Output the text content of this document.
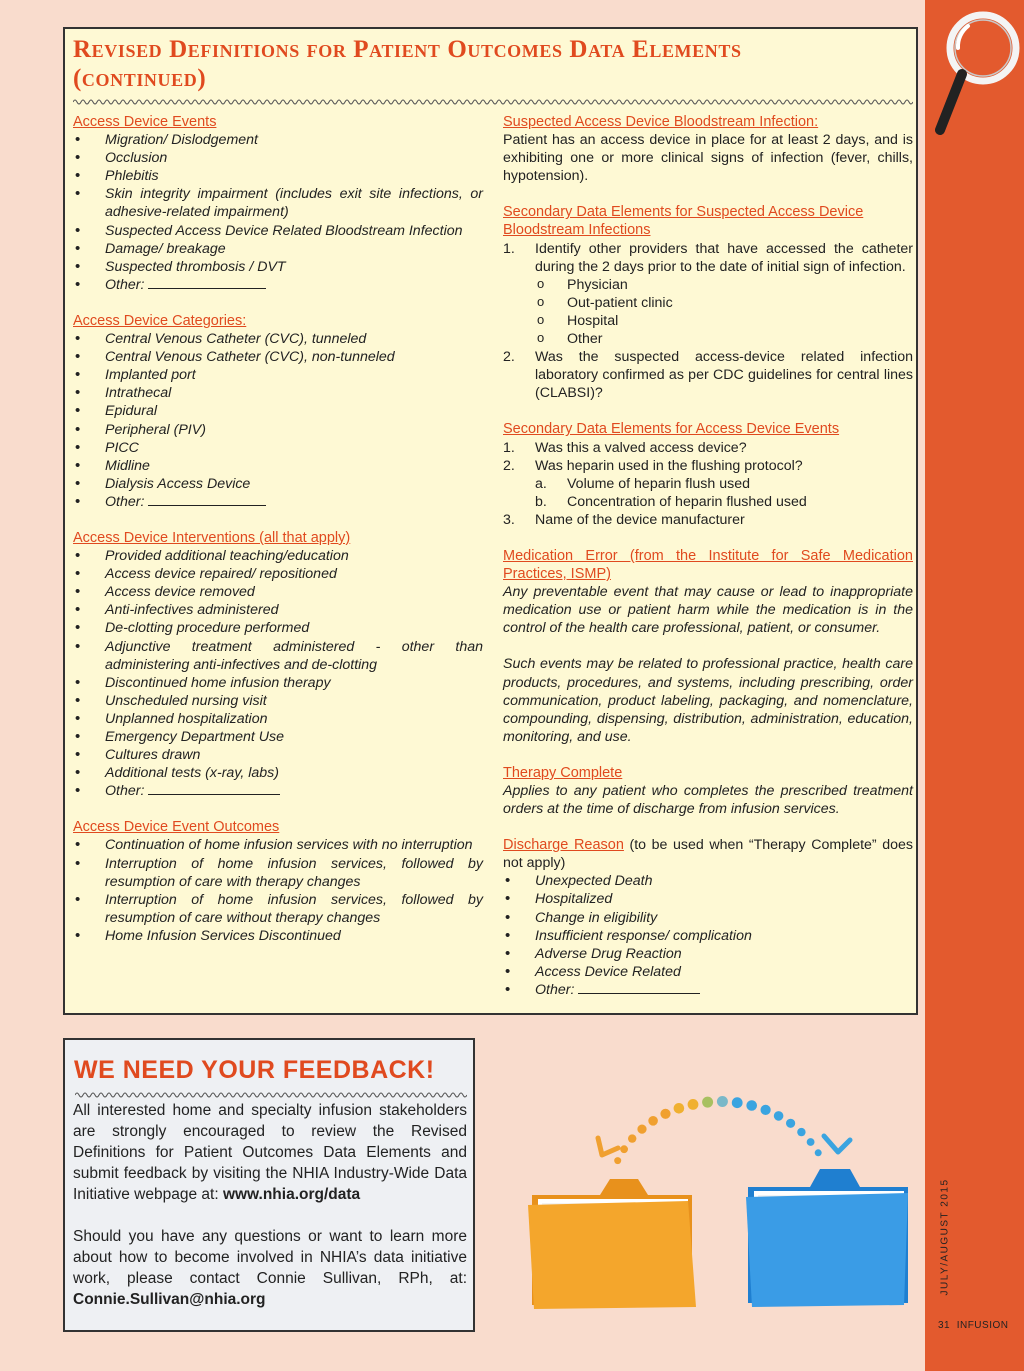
JULY/AUGUST 2015
31 INFUSION
Revised Definitions for Patient Outcomes Data Elements
(continued)
Access Device Events
• Migration/ Dislodgement
• Occlusion
• Phlebitis
• Skin integrity impairment (includes exit site infections, or adhesive-related impairment)
• Suspected Access Device Related Bloodstream Infection
• Damage/ breakage
• Suspected thrombosis / DVT
• Other:
Access Device Categories:
• Central Venous Catheter (CVC), tunneled
• Central Venous Catheter (CVC), non-tunneled
• Implanted port
• Intrathecal
• Epidural
• Peripheral (PIV)
• PICC
• Midline
• Dialysis Access Device
• Other:
Access Device Interventions (all that apply)
• Provided additional teaching/education
• Access device repaired/ repositioned
• Access device removed
• Anti-infectives administered
• De-clotting procedure performed
• Adjunctive treatment administered - other than administering anti-infectives and de-clotting
• Discontinued home infusion therapy
• Unscheduled nursing visit
• Unplanned hospitalization
• Emergency Department Use
• Cultures drawn
• Additional tests (x-ray, labs)
• Other:
Access Device Event Outcomes
• Continuation of home infusion services with no interruption
• Interruption of home infusion services, followed by resumption of care with therapy changes
• Interruption of home infusion services, followed by resumption of care without therapy changes
• Home Infusion Services Discontinued
Suspected Access Device Bloodstream Infection:
Patient has an access device in place for at least 2 days, and is exhibiting one or more clinical signs of infection (fever, chills, hypotension).
Secondary Data Elements for Suspected Access Device Bloodstream Infections
1. Identify other providers that have accessed the catheter during the 2 days prior to the date of initial sign of infection.
o Physician
o Out-patient clinic
o Hospital
o Other
2. Was the suspected access-device related infection laboratory confirmed as per CDC guidelines for central lines (CLABSI)?
Secondary Data Elements for Access Device Events
1. Was this a valved access device?
2. Was heparin used in the flushing protocol?
a. Volume of heparin flush used
b. Concentration of heparin flushed used
3. Name of the device manufacturer
Medication Error (from the Institute for Safe Medication Practices, ISMP)
Any preventable event that may cause or lead to inappropriate medication use or patient harm while the medication is in the control of the health care professional, patient, or consumer.
Such events may be related to professional practice, health care products, procedures, and systems, including prescribing, order communication, product labeling, packaging, and nomenclature, compounding, dispensing, distribution, administration, education, monitoring, and use.
Therapy Complete
Applies to any patient who completes the prescribed treatment orders at the time of discharge from infusion services.
Discharge Reason (to be used when “Therapy Complete” does not apply)
• Unexpected Death
• Hospitalized
• Change in eligibility
• Insufficient response/ complication
• Adverse Drug Reaction
• Access Device Related
• Other:
WE NEED YOUR FEEDBACK!

All interested home and specialty infusion stakeholders are strongly encouraged to review the Revised Definitions for Patient Outcomes Data Elements and submit feedback by visiting the NHIA Industry-Wide Data Initiative webpage at: www.nhia.org/data

Should you have any questions or want to learn more about how to become involved in NHIA’s data initiative work, please contact Connie Sullivan, RPh, at: Connie.Sullivan@nhia.org
